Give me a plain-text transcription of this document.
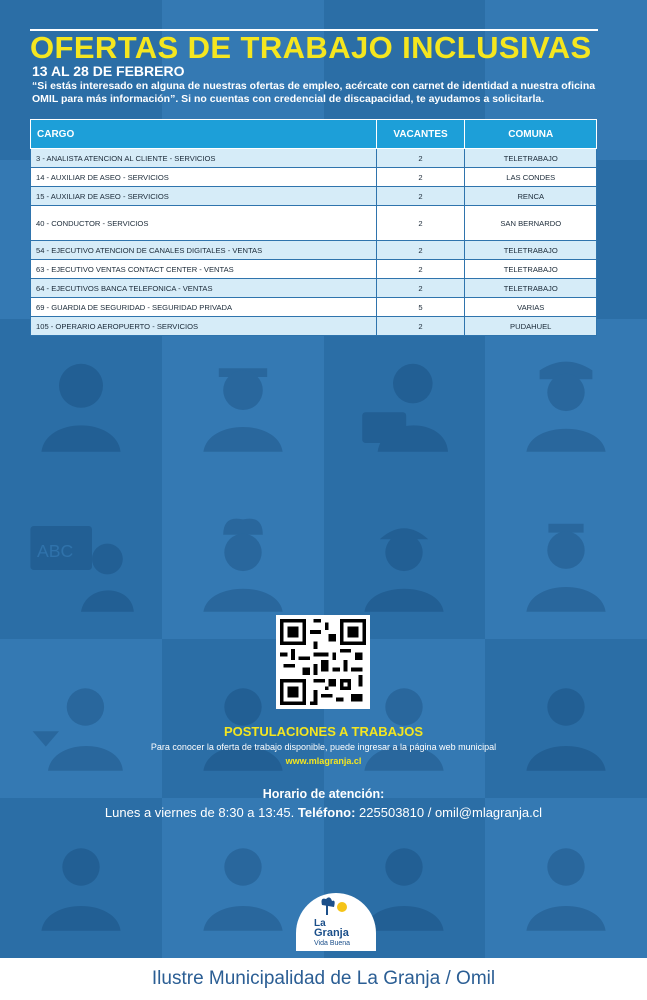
ABC
OFERTAS DE TRABAJO INCLUSIVAS

13 AL 28 DE FEBRERO

“Si estás interesado en alguna de nuestras ofertas de empleo, acércate con carnet de identidad a nuestra oficina OMIL para más información”. Si no cuentas con credencial de discapacidad, te ayudamos a solicitarla.

CARGO	VACANTES	COMUNA
3 - ANALISTA ATENCION AL CLIENTE - SERVICIOS	2	TELETRABAJO
14 - AUXILIAR DE ASEO - SERVICIOS	2	LAS CONDES
15 - AUXILIAR DE ASEO - SERVICIOS	2	RENCA
40 - CONDUCTOR - SERVICIOS	2	SAN BERNARDO
54 - EJECUTIVO ATENCION DE CANALES DIGITALES - VENTAS	2	TELETRABAJO
63 - EJECUTIVO VENTAS CONTACT CENTER - VENTAS	2	TELETRABAJO
64 - EJECUTIVOS BANCA TELEFONICA - VENTAS	2	TELETRABAJO
69 - GUARDIA DE SEGURIDAD - SEGURIDAD PRIVADA	5	VARIAS
105 - OPERARIO AEROPUERTO - SERVICIOS	2	PUDAHUEL

POSTULACIONES A TRABAJOS

Para conocer la oferta de trabajo disponible, puede ingresar a la página web municipal

www.mlagranja.cl

Horario de atención:

Lunes a viernes de 8:30 a 13:45. Teléfono: 225503810 / omil@mlagranja.cl

La
Granja
Vida Buena
Ilustre Municipalidad de La Granja / Omil
